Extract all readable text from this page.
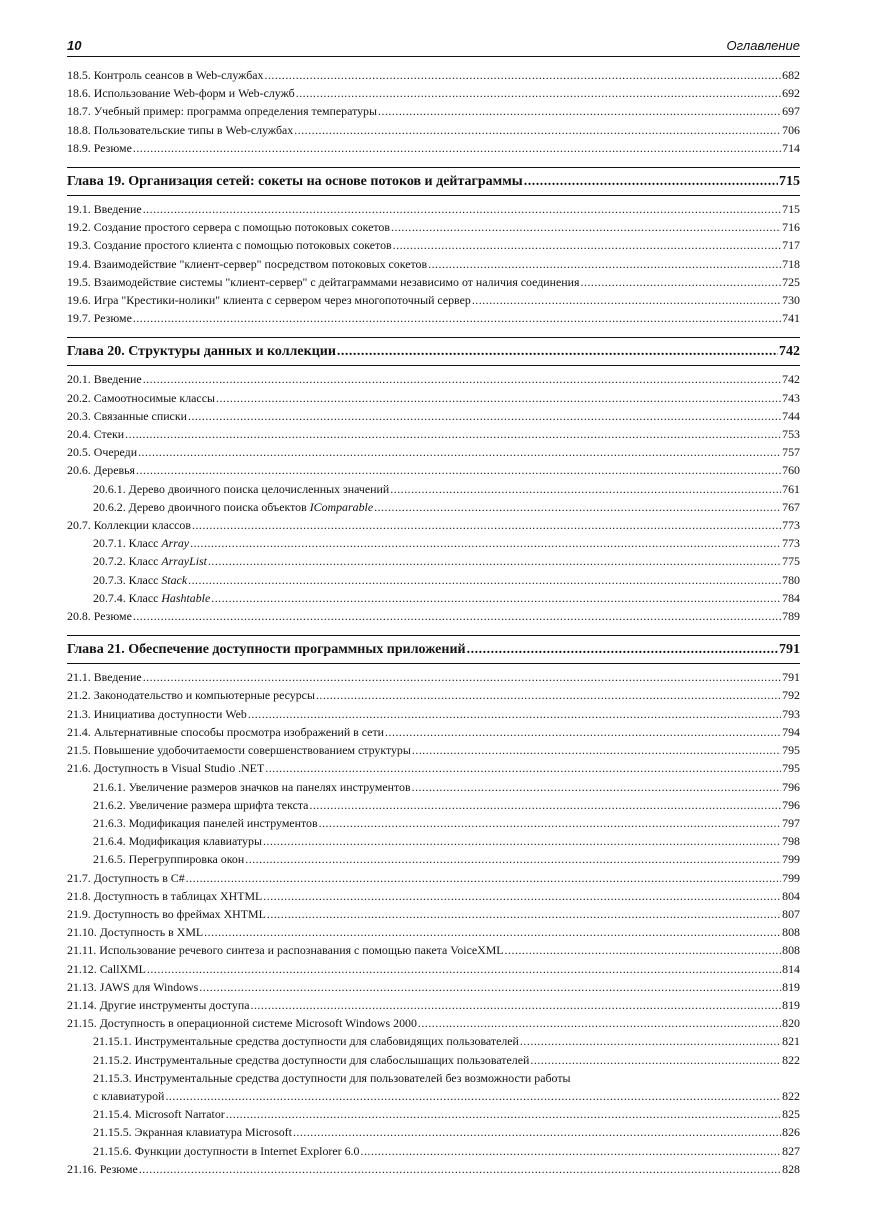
10	Оглавление
18.5. Контроль сеансов в Web-службах .....	682
18.6. Использование Web-форм и Web-служб .....	692
18.7. Учебный пример: программа определения температуры .....	697
18.8. Пользовательские типы в Web-службах .....	706
18.9. Резюме .....	714
Глава 19. Организация сетей: сокеты на основе потоков и дейтаграммы .....	715
19.1. Введение .....	715
19.2. Создание простого сервера с помощью потоковых сокетов .....	716
19.3. Создание простого клиента с помощью потоковых сокетов .....	717
19.4. Взаимодействие "клиент-сервер" посредством потоковых сокетов .....	718
19.5. Взаимодействие системы "клиент-сервер" с дейтаграммами независимо от наличия соединения .....	725
19.6. Игра "Крестики-нолики" клиента с сервером через многопоточный сервер .....	730
19.7. Резюме .....	741
Глава 20. Структуры данных и коллекции .....	742
20.1. Введение .....	742
20.2. Самоотносимые классы .....	743
20.3. Связанные списки .....	744
20.4. Стеки .....	753
20.5. Очереди .....	757
20.6. Деревья .....	760
20.6.1. Дерево двоичного поиска целочисленных значений .....	761
20.6.2. Дерево двоичного поиска объектов IComparable .....	767
20.7. Коллекции классов .....	773
20.7.1. Класс Array .....	773
20.7.2. Класс ArrayList .....	775
20.7.3. Класс Stack .....	780
20.7.4. Класс Hashtable .....	784
20.8. Резюме .....	789
Глава 21. Обеспечение доступности программных приложений .....	791
21.1. Введение .....	791
21.2. Законодательство и компьютерные ресурсы .....	792
21.3. Инициатива доступности Web .....	793
21.4. Альтернативные способы просмотра изображений в сети .....	794
21.5. Повышение удобочитаемости совершенствованием структуры .....	795
21.6. Доступность в Visual Studio .NET .....	795
21.6.1. Увеличение размеров значков на панелях инструментов .....	796
21.6.2. Увеличение размера шрифта текста .....	796
21.6.3. Модификация панелей инструментов .....	797
21.6.4. Модификация клавиатуры .....	798
21.6.5. Перегруппировка окон .....	799
21.7. Доступность в C# .....	799
21.8. Доступность в таблицах XHTML .....	804
21.9. Доступность во фреймах XHTML .....	807
21.10. Доступность в XML .....	808
21.11. Использование речевого синтеза и распознавания с помощью пакета VoiceXML .....	808
21.12. CallXML .....	814
21.13. JAWS для Windows .....	819
21.14. Другие инструменты доступа .....	819
21.15. Доступность в операционной системе Microsoft Windows 2000 .....	820
21.15.1. Инструментальные средства доступности для слабовидящих пользователей .....	821
21.15.2. Инструментальные средства доступности для слабослышащих пользователей .....	822
21.15.3. Инструментальные средства доступности для пользователей без возможности работы
с клавиатурой .....	822
21.15.4. Microsoft Narrator .....	825
21.15.5. Экранная клавиатура Microsoft .....	826
21.15.6. Функции доступности в Internet Explorer 6.0 .....	827
21.16. Резюме .....	828
